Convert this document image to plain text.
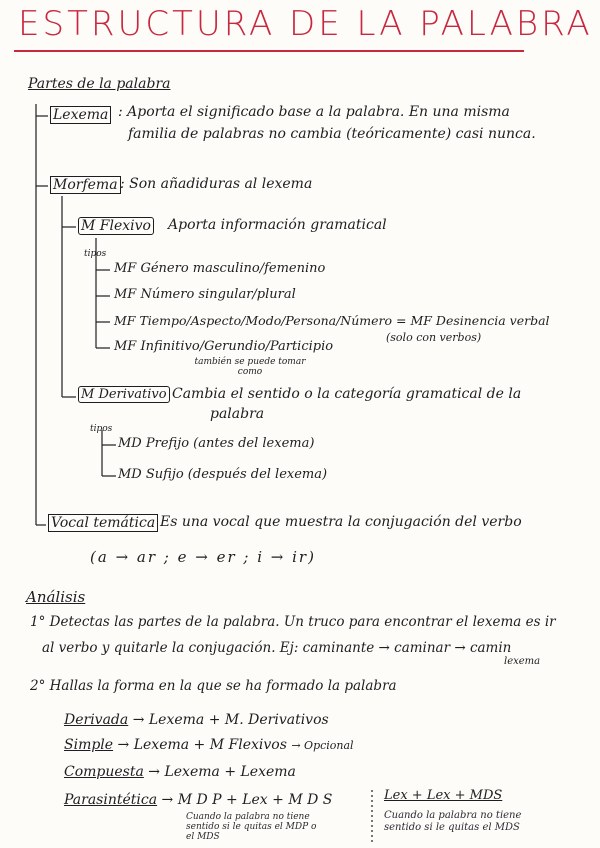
ESTRUCTURA DE LA PALABRA
Partes de la palabra
Lexema : Aporta el significado base a la palabra. En una misma
familia de palabras no cambia (teóricamente) casi nunca.
Morfema : Son añadiduras al lexema
M Flexivo Aporta información gramatical
tipos
MF Género masculino/femenino
MF Número singular/plural
MF Tiempo/Aspecto/Modo/Persona/Número = MF Desinencia verbal
(solo con verbos)
MF Infinitivo/Gerundio/Participio
también se puede tomar como
M Derivativo Cambia el sentido o la categoría gramatical de la
palabra
tipos
MD Prefijo (antes del lexema)
MD Sufijo (después del lexema)
Vocal temática Es una vocal que muestra la conjugación del verbo
(a → ar ; e → er ; i → ir)
Análisis
1° Detectas las partes de la palabra. Un truco para encontrar el lexema es ir
al verbo y quitarle la conjugación. Ej: caminante → caminar → camin
lexema
2° Hallas la forma en la que se ha formado la palabra
Derivada → Lexema + M. Derivativos
Simple → Lexema + M Flexivos → Opcional
Compuesta → Lexema + Lexema
Parasintética → M D P + Lex + M D S
Cuando la palabra no tiene
sentido si le quitas el MDP o
el MDS
Lex + Lex + MDS
Cuando la palabra no tiene
sentido si le quitas el MDS
